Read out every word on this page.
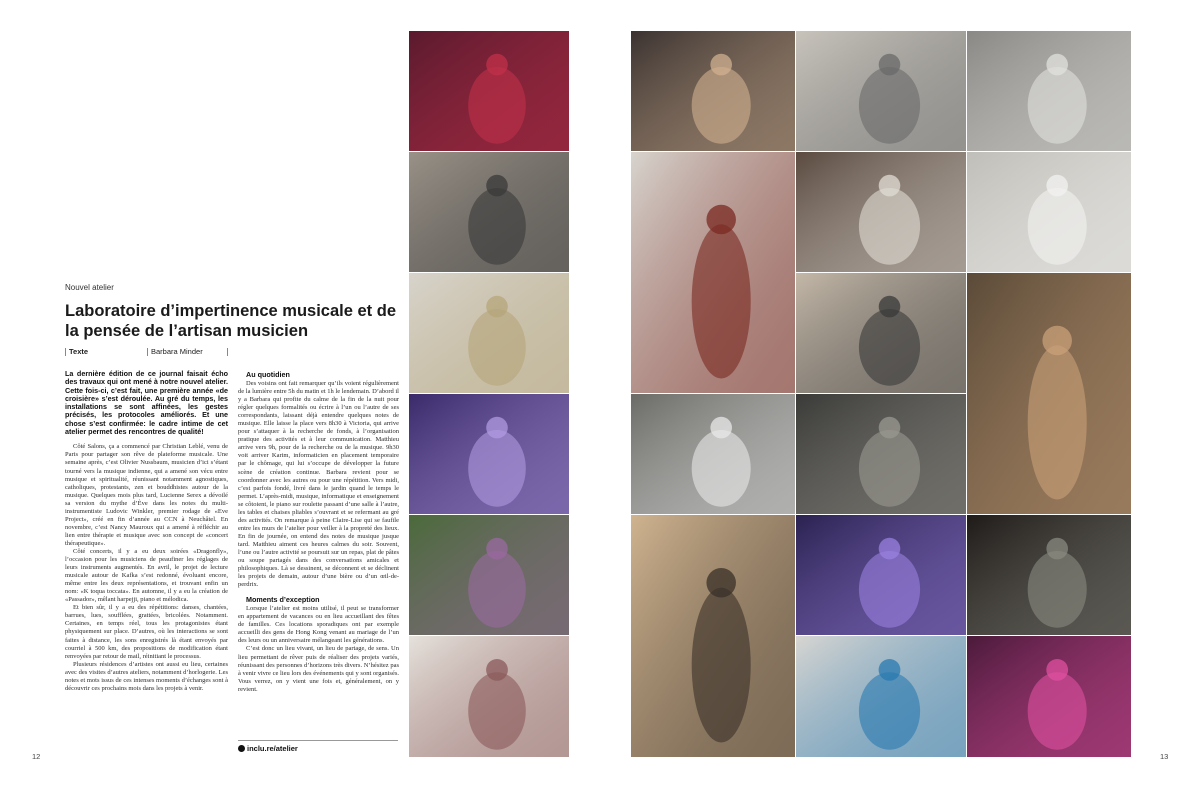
Nouvel atelier
Laboratoire d’impertinence musicale et de la pensée de l’artisan musicien
Texte	Barbara Minder

La dernière édition de ce journal faisait écho des travaux qui ont mené à notre nouvel atelier. Cette fois-ci, c’est fait, une première année «de croisière» s’est déroulée. Au gré du temps, les installations se sont affinées, les gestes précisés, les protocoles améliorés. Et une chose s’est confirmée: le cadre intime de cet atelier permet des rencontres de qualité!

Côté Salons, ça a commencé par Christian Leblé, venu de Paris pour partager son rêve de plateforme musicale. Une semaine après, c’est Olivier Nussbaum, musicien d’ici s’étant tourné vers la musique indienne, qui a amené son vécu entre musique et spiritualité, réunissant notamment agnostiques, catholiques, protestants, zen et bouddhistes autour de la musique. Quelques mois plus tard, Lucienne Serex a dévoilé sa version du mythe d’Ève dans les notes du multi-instrumentiste Ludovic Winkler, premier rodage de «Eve Project», créé en fin d’année au CCN à Neuchâtel. En novembre, c’est Nancy Mauroux qui a amené à réfléchir au lien entre thérapie et musique avec son concept de «concert thérapeutique».

Côté concerts, il y a eu deux soirées «Dragonfly», l’occasion pour les musiciens de peaufiner les réglages de leurs instruments augmentés. En avril, le projet de lecture musicale autour de Kafka s’est redonné, évoluant encore, même entre les deux représentations, et trouvant enfin un nom: «K toqua toccata». En automne, il y a eu la création de «Passador», mêlant harpejji, piano et mélodica.

Et bien sûr, il y a eu des répétitions: danses, chantées, barrues, lues, soufflées, grattées, bricolées. Notamment. Certaines, en temps réel, tous les protagonistes étant physiquement sur place. D’autres, où les interactions se sont faites à distance, les sons enregistrés là étant envoyés par courriel à 500 km, des propositions de modification étant renvoyées par retour de mail, réinitiant le processus.

Plusieurs résidences d’artistes ont aussi eu lieu, certaines avec des visites d’autres ateliers, notamment d’horlogerie. Les notes et mots issus de ces intenses moments d’échanges sont à découvrir ces prochains mois dans les projets à venir.

Au quotidien

Des voisins ont fait remarquer qu’ils voient régulièrement de la lumière entre 5h du matin et 1h le lendemain. D’abord il y a Barbara qui profite du calme de la fin de la nuit pour régler quelques formalités ou écrire à l’un ou l’autre de ses correspondants, laissant déjà entendre quelques notes de musique. Elle laisse la place vers 8h30 à Victoria, qui arrive pour s’attaquer à la recherche de fonds, à l’organisation pratique des activités et à leur communication. Matthieu arrive vers 9h, pour de la recherche ou de la musique. 9h30 voit arriver Karim, informaticien en placement temporaire par le chômage, qui lui s’occupe de développer la future scène de création continue. Barbara revient pour se coordonner avec les autres ou pour une répétition. Vers midi, c’est parfois fondé, livré dans le jardin quand le temps le permet. L’après-midi, musique, informatique et enseignement se côtoient, le piano sur roulette passant d’une salle à l’autre, les tables et chaises pliables s’ouvrant et se refermant au gré des activités. On remarque à peine Claire-Lise qui se faufile entre les murs de l’atelier pour veiller à la propreté des lieux. En fin de journée, on entend des notes de musique jusque tard. Matthieu aiment ces heures calmes du soir. Souvent, l’une ou l’autre activité se poursuit sur un repas, plat de pâtes ou soupe partagés dans des conversations amicales et philosophiques. Là se dessinent, se déconnent et se déclinent les projets de demain, autour d’une bière ou d’un œil-de-perdrix.

Moments d’exception

Lorsque l’atelier est moins utilisé, il peut se transformer en appartement de vacances ou en lieu accueillant des fêtes de familles. Ces locations sporadiques ont par exemple accueilli des gens de Hong Kong venant au mariage de l’un des leurs ou un anniversaire mélangeant les générations.

C’est donc un lieu vivant, un lieu de partage, de sens. Un lieu permettant de rêver puis de réaliser des projets variés, réunissant des personnes d’horizons très divers. N’hésitez pas à venir vivre ce lieu lors des événements qui y sont organisés. Vous verrez, on y vient une fois et, généralement, on y revient.

inclu.re/atelier
12	13
